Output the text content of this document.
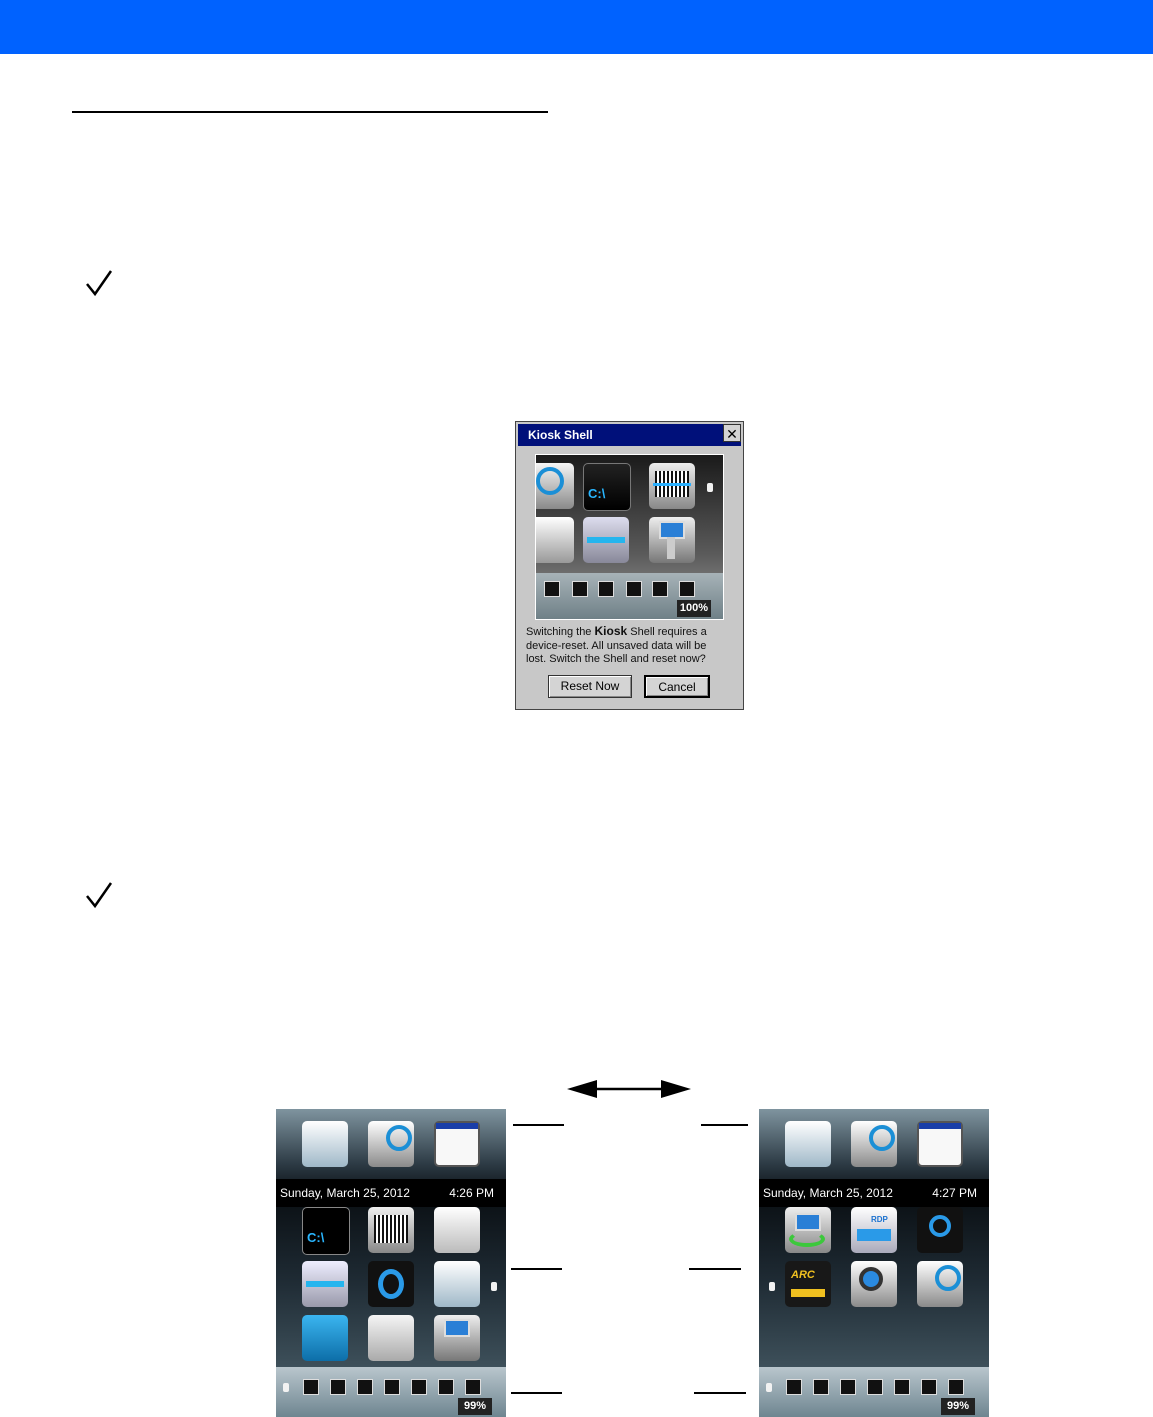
Kiosk Shell	✕
C:\
100%
Switching the Kiosk Shell requires a
device-reset. All unsaved data will be
lost. Switch the Shell and reset now?
Reset Now	Cancel
Sunday, March 25, 2012	4:26 PM
C:\
99%
Sunday, March 25, 2012	4:27 PM
RDP
ARC
99%
